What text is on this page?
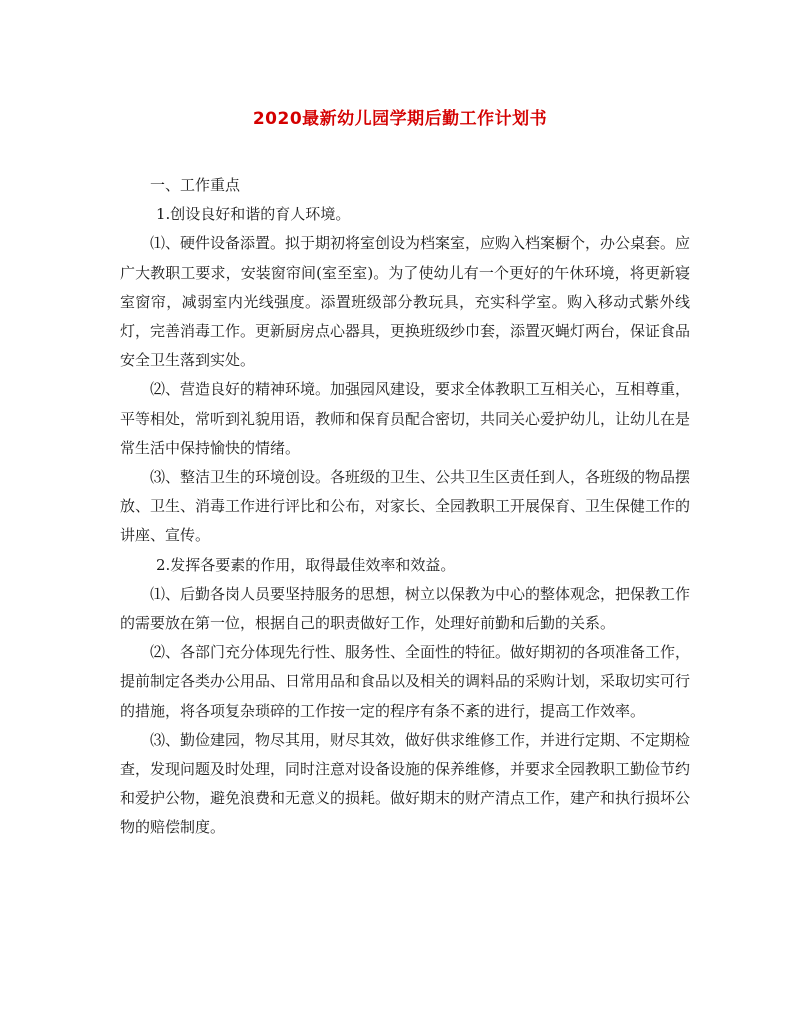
2020最新幼儿园学期后勤工作计划书

一、工作重点

1.创设良好和谐的育人环境。

⑴、硬件设备添置。拟于期初将室创设为档案室，应购入档案橱个，办公桌套。应广大教职工要求，安装窗帘间(室至室)。为了使幼儿有一个更好的午休环境，将更新寝室窗帘，减弱室内光线强度。添置班级部分教玩具，充实科学室。购入移动式紫外线灯，完善消毒工作。更新厨房点心器具，更换班级纱巾套，添置灭蝇灯两台，保证食品安全卫生落到实处。

⑵、营造良好的精神环境。加强园风建设，要求全体教职工互相关心，互相尊重，平等相处，常听到礼貌用语，教师和保育员配合密切，共同关心爱护幼儿，让幼儿在是常生活中保持愉快的情绪。

⑶、整洁卫生的环境创设。各班级的卫生、公共卫生区责任到人，各班级的物品摆放、卫生、消毒工作进行评比和公布，对家长、全园教职工开展保育、卫生保健工作的讲座、宣传。

2.发挥各要素的作用，取得最佳效率和效益。

⑴、后勤各岗人员要坚持服务的思想，树立以保教为中心的整体观念，把保教工作的需要放在第一位，根据自己的职责做好工作，处理好前勤和后勤的关系。

⑵、各部门充分体现先行性、服务性、全面性的特征。做好期初的各项准备工作，提前制定各类办公用品、日常用品和食品以及相关的调料品的采购计划，采取切实可行的措施，将各项复杂琐碎的工作按一定的程序有条不紊的进行，提高工作效率。

⑶、勤俭建园，物尽其用，财尽其效，做好供求维修工作，并进行定期、不定期检查，发现问题及时处理，同时注意对设备设施的保养维修，并要求全园教职工勤俭节约和爱护公物，避免浪费和无意义的损耗。做好期末的财产清点工作，建产和执行损坏公物的赔偿制度。
